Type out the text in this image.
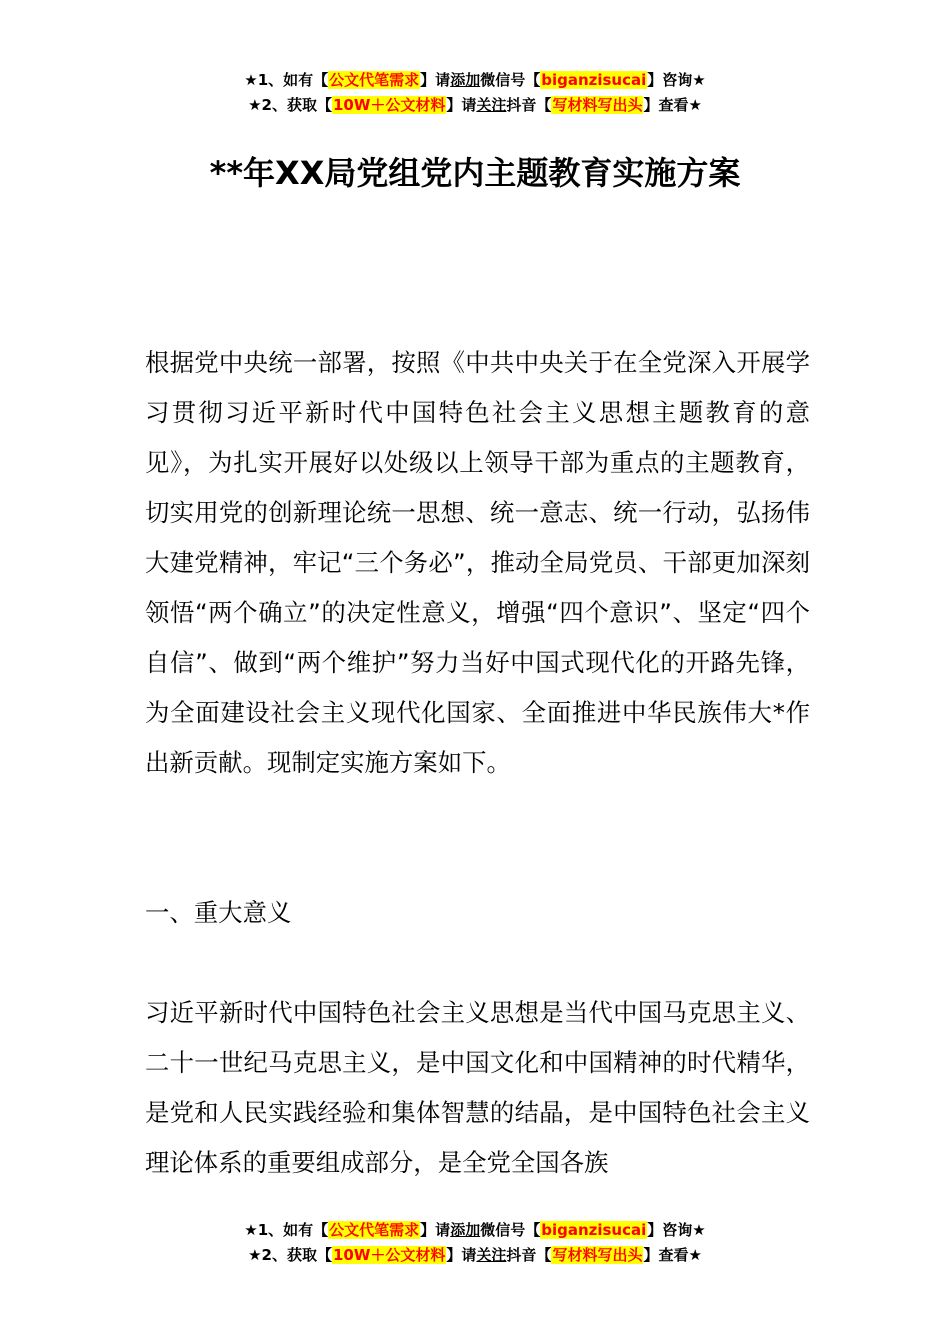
★1、如有【公文代笔需求】请添加微信号【biganzisucai】咨询★
★2、获取【10W＋公文材料】请关注抖音【写材料写出头】查看★
**年XX局党组党内主题教育实施方案

根据党中央统一部署，按照《中共中央关于在全党深入开展学习贯彻习近平新时代中国特色社会主义思想主题教育的意见》，为扎实开展好以处级以上领导干部为重点的主题教育，切实用党的创新理论统一思想、统一意志、统一行动，弘扬伟大建党精神，牢记“三个务必”，推动全局党员、干部更加深刻领悟“两个确立”的决定性意义，增强“四个意识”、坚定“四个自信”、做到“两个维护”努力当好中国式现代化的开路先锋，为全面建设社会主义现代化国家、全面推进中华民族伟大*作出新贡献。现制定实施方案如下。

一、重大意义

习近平新时代中国特色社会主义思想是当代中国马克思主义、二十一世纪马克思主义，是中国文化和中国精神的时代精华，是党和人民实践经验和集体智慧的结晶，是中国特色社会主义理论体系的重要组成部分，是全党全国各族

★1、如有【公文代笔需求】请添加微信号【biganzisucai】咨询★
★2、获取【10W＋公文材料】请关注抖音【写材料写出头】查看★
